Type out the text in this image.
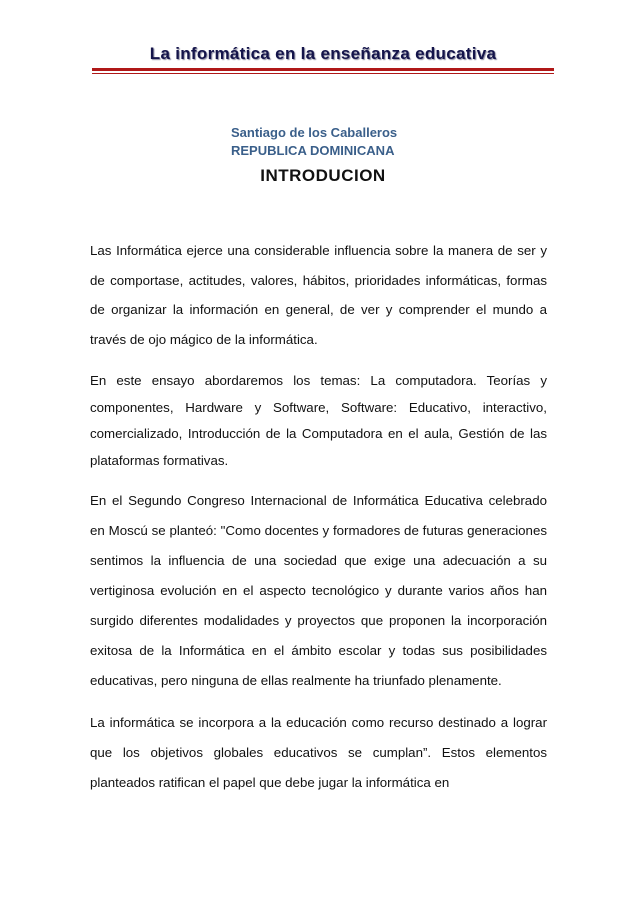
La informática en la enseñanza educativa
Santiago de los Caballeros
REPUBLICA DOMINICANA
INTRODUCION

Las Informática ejerce una considerable influencia sobre la manera de ser y de comportase, actitudes, valores, hábitos, prioridades informáticas, formas de organizar la información en general, de ver y comprender el mundo a través de ojo mágico de la informática.

En este ensayo abordaremos los temas: La computadora. Teorías y componentes, Hardware y Software, Software: Educativo, interactivo, comercializado, Introducción de la Computadora en el aula, Gestión de las plataformas formativas.

En el Segundo Congreso Internacional de Informática Educativa celebrado en Moscú se planteó: "Como docentes y formadores de futuras generaciones sentimos la influencia de una sociedad que exige una adecuación a su vertiginosa evolución en el aspecto tecnológico y durante varios años han surgido diferentes modalidades y proyectos que proponen la incorporación exitosa de la Informática en el ámbito escolar y todas sus posibilidades educativas, pero ninguna de ellas realmente ha triunfado plenamente.

La informática se incorpora a la educación como recurso destinado a lograr que los objetivos globales educativos se cumplan”. Estos elementos planteados ratifican el papel que debe jugar la informática en
